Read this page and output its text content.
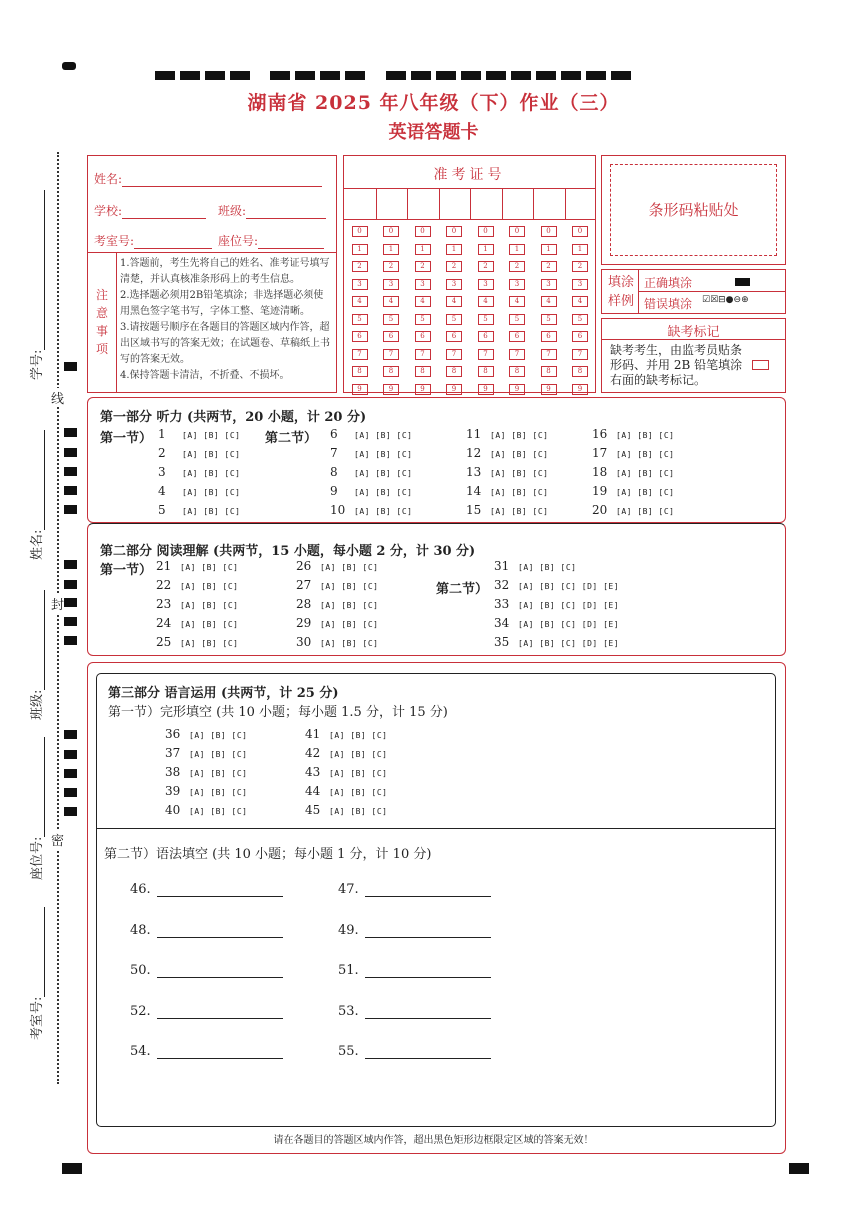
湖南省 2025 年八年级（下）作业（三）
英语答题卡
学号:
姓名:
班级:
座位号:
考室号:
线
封
密
姓名:
学校:	班级:
考室号:	座位号:
注意事项
1.答题前，考生先将自己的姓名、准考证号填写清楚，并认真核准条形码上的考生信息。
2.选择题必须用2B铅笔填涂；非选择题必须使用黑色签字笔书写，字体工整、笔迹清晰。
3.请按题号顺序在各题目的答题区域内作答，超出区域书写的答案无效；在试题卷、草稿纸上书写的答案无效。
4.保持答题卡清洁，不折叠、不损坏。
准考证号
0
1
2
3
4
5
6
7
8
9
0
1
2
3
4
5
6
7
8
9
0
1
2
3
4
5
6
7
8
9
0
1
2
3
4
5
6
7
8
9
0
1
2
3
4
5
6
7
8
9
0
1
2
3
4
5
6
7
8
9
0
1
2
3
4
5
6
7
8
9
0
1
2
3
4
5
6
7
8
9
条形码粘贴处
填涂
样例
正确填涂
错误填涂 ☑☒⊟●⊖⊕
缺考标记
缺考考生，由监考员贴条形码、并用 2B 铅笔填涂右面的缺考标记。
第一部分 听力 (共两节，20 小题，计 20 分)
第一节）	第二节）
1 [A] [B] [C]
2 [A] [B] [C]
3 [A] [B] [C]
4 [A] [B] [C]
5 [A] [B] [C]
6 [A] [B] [C]
7 [A] [B] [C]
8 [A] [B] [C]
9 [A] [B] [C]
10 [A] [B] [C]
11 [A] [B] [C]
12 [A] [B] [C]
13 [A] [B] [C]
14 [A] [B] [C]
15 [A] [B] [C]
16 [A] [B] [C]
17 [A] [B] [C]
18 [A] [B] [C]
19 [A] [B] [C]
20 [A] [B] [C]
第二部分 阅读理解 (共两节，15 小题，每小题 2 分，计 30 分)
第一节）
第二节）
21 [A] [B] [C]
22 [A] [B] [C]
23 [A] [B] [C]
24 [A] [B] [C]
25 [A] [B] [C]
26 [A] [B] [C]
27 [A] [B] [C]
28 [A] [B] [C]
29 [A] [B] [C]
30 [A] [B] [C]
31 [A] [B] [C]
32 [A] [B] [C] [D] [E]
33 [A] [B] [C] [D] [E]
34 [A] [B] [C] [D] [E]
35 [A] [B] [C] [D] [E]
第三部分 语言运用 (共两节，计 25 分)
第一节）完形填空 (共 10 小题；每小题 1.5 分，计 15 分)
36 [A] [B] [C]
37 [A] [B] [C]
38 [A] [B] [C]
39 [A] [B] [C]
40 [A] [B] [C]
41 [A] [B] [C]
42 [A] [B] [C]
43 [A] [B] [C]
44 [A] [B] [C]
45 [A] [B] [C]
第二节）语法填空 (共 10 小题；每小题 1 分，计 10 分)
46.	47.
48.	49.
50.	51.
52.	53.
54.	55.
请在各题目的答题区域内作答，超出黑色矩形边框限定区域的答案无效！
